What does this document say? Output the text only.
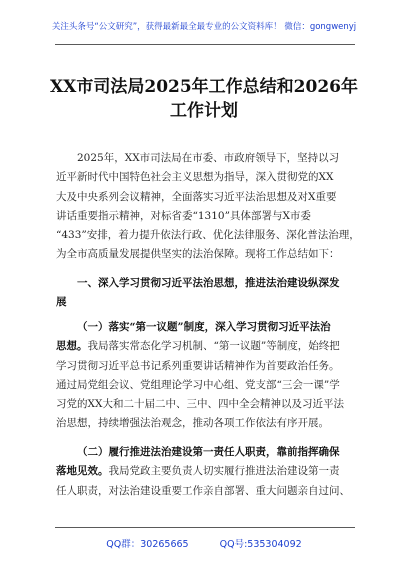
关注头条号“公文研究”，获得最新最全最专业的公文资料库！ 微信：gongwenyj
XX市司法局2025年工作总结和2026年
工作计划
2025年，XX市司法局在市委、市政府领导下，坚持以习
近平新时代中国特色社会主义思想为指导，深入贯彻党的XX
大及中央系列会议精神，全面落实习近平法治思想及对X重要
讲话重要指示精神，对标省委“1310”具体部署与X市委
“433”安排，着力提升依法行政、优化法律服务、深化普法治理，
为全市高质量发展提供坚实的法治保障。现将工作总结如下：
一、深入学习贯彻习近平法治思想，推进法治建设纵深发
展
（一）落实“第一议题”制度，深入学习贯彻习近平法治
思想。我局落实常态化学习机制、“第一议题”等制度，始终把
学习贯彻习近平总书记系列重要讲话精神作为首要政治任务。
通过局党组会议、党组理论学习中心组、党支部“三会一课”学
习党的XX大和二十届二中、三中、四中全会精神以及习近平法
治思想，持续增强法治观念，推动各项工作依法有序开展。
（二）履行推进法治建设第一责任人职责，靠前指挥确保
落地见效。我局党政主要负责人切实履行推进法治建设第一责
任人职责，对法治建设重要工作亲自部署、重大问题亲自过问、
QQ群：30265665	QQ号:535304092
